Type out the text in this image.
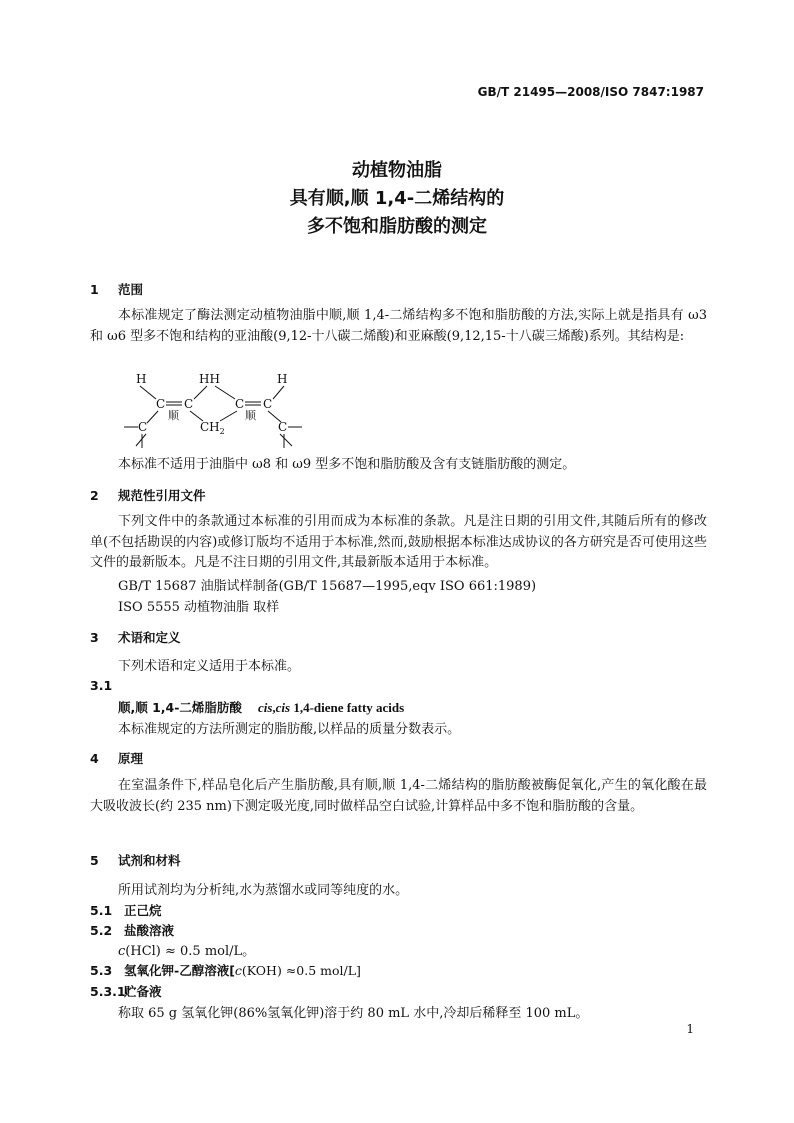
GB/T 21495—2008/ISO 7847:1987
动植物油脂
具有顺,顺 1,4-二烯结构的
多不饱和脂肪酸的测定
1 范围
本标准规定了酶法测定动植物油脂中顺,顺 1,4-二烯结构多不饱和脂肪酸的方法,实际上就是指具有 ω3 和 ω6 型多不饱和结构的亚油酸(9,12-十八碳二烯酸)和亚麻酸(9,12,15-十八碳三烯酸)系列。其结构是:
H	HH	H
C C	C C
C	C
顺	顺
$CH_2$
本标准不适用于油脂中 ω8 和 ω9 型多不饱和脂肪酸及含有支链脂肪酸的测定。
2 规范性引用文件
下列文件中的条款通过本标准的引用而成为本标准的条款。凡是注日期的引用文件,其随后所有的修改单(不包括勘误的内容)或修订版均不适用于本标准,然而,鼓励根据本标准达成协议的各方研究是否可使用这些文件的最新版本。凡是不注日期的引用文件,其最新版本适用于本标准。
GB/T 15687 油脂试样制备(GB/T 15687—1995,eqv ISO 661:1989)
ISO 5555 动植物油脂 取样
3 术语和定义
下列术语和定义适用于本标准。
3.1
顺,顺 1,4-二烯脂肪酸 cis,cis 1,4-diene fatty acids
本标准规定的方法所测定的脂肪酸,以样品的质量分数表示。
4 原理
在室温条件下,样品皂化后产生脂肪酸,具有顺,顺 1,4-二烯结构的脂肪酸被酶促氧化,产生的氧化酸在最大吸收波长(约 235 nm)下测定吸光度,同时做样品空白试验,计算样品中多不饱和脂肪酸的含量。
5 试剂和材料
所用试剂均为分析纯,水为蒸馏水或同等纯度的水。
5.1 正己烷
5.2 盐酸溶液
c(HCl) ≈ 0.5 mol/L。
5.3 氢氧化钾-乙醇溶液[c(KOH) ≈0.5 mol/L]
5.3.1贮备液
称取 65 g 氢氧化钾(86%氢氧化钾)溶于约 80 mL 水中,冷却后稀释至 100 mL。
1
